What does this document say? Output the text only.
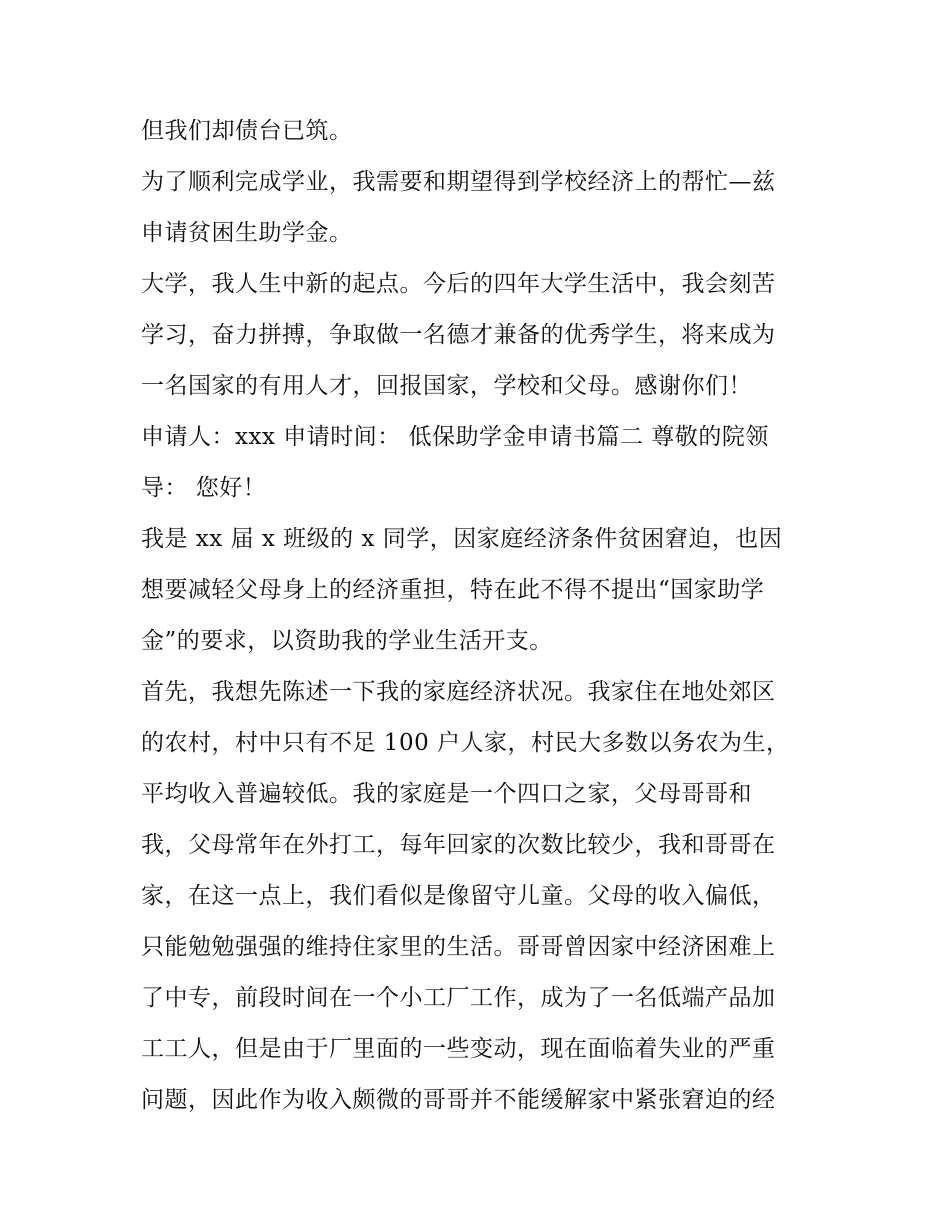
但我们却债台已筑。
为了顺利完成学业，我需要和期望得到学校经济上的帮忙—兹
申请贫困生助学金。
大学，我人生中新的起点。今后的四年大学生活中，我会刻苦
学习，奋力拼搏，争取做一名德才兼备的优秀学生，将来成为
一名国家的有用人才，回报国家，学校和父母。感谢你们！
申请人：xxx 申请时间： 低保助学金申请书篇二 尊敬的院领
导： 您好！
我是 xx 届 x 班级的 x 同学，因家庭经济条件贫困窘迫，也因
想要减轻父母身上的经济重担，特在此不得不提出“国家助学
金”的要求，以资助我的学业生活开支。
首先，我想先陈述一下我的家庭经济状况。我家住在地处郊区
的农村，村中只有不足 100 户人家，村民大多数以务农为生，
平均收入普遍较低。我的家庭是一个四口之家，父母哥哥和
我，父母常年在外打工，每年回家的次数比较少，我和哥哥在
家，在这一点上，我们看似是像留守儿童。父母的收入偏低，
只能勉勉强强的维持住家里的生活。哥哥曾因家中经济困难上
了中专，前段时间在一个小工厂工作，成为了一名低端产品加
工工人，但是由于厂里面的一些变动，现在面临着失业的严重
问题，因此作为收入颇微的哥哥并不能缓解家中紧张窘迫的经
